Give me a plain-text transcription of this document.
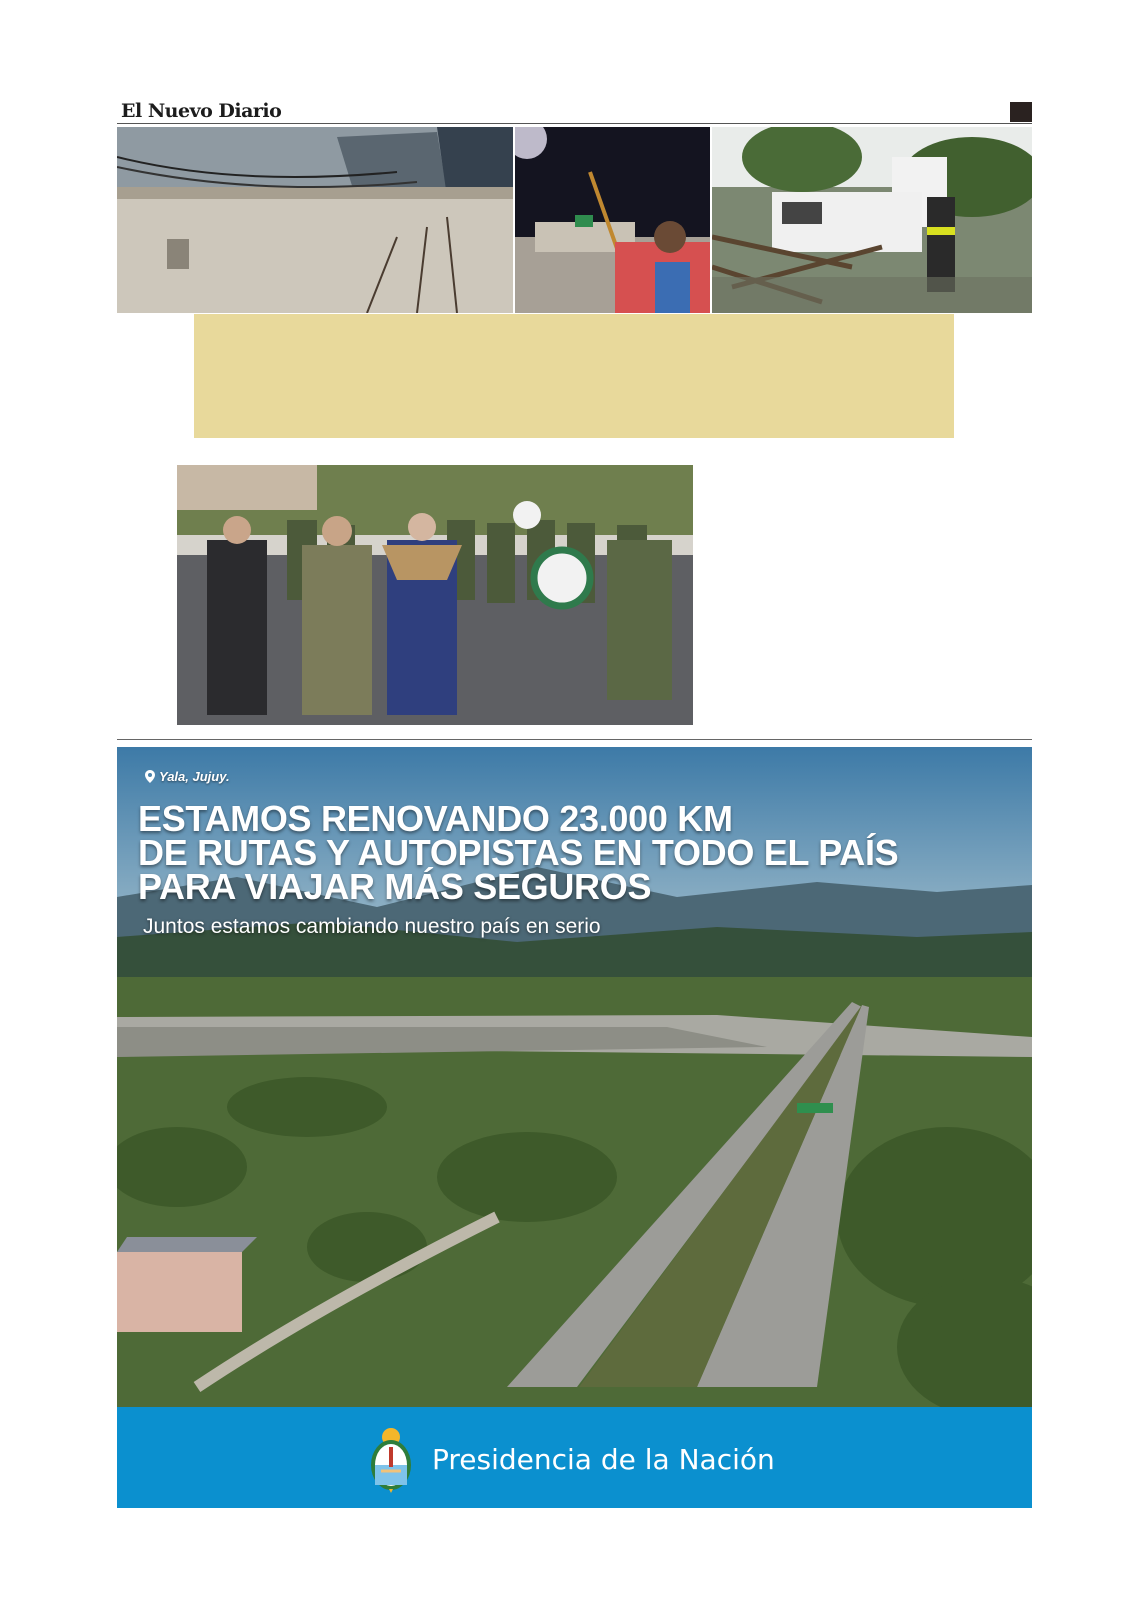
El Nuevo Diario
Yala, Jujuy.
ESTAMOS RENOVANDO 23.000 KM
DE RUTAS Y AUTOPISTAS EN TODO EL PAÍS
PARA VIAJAR MÁS SEGUROS
Juntos estamos cambiando nuestro país en serio
Presidencia de la Nación
